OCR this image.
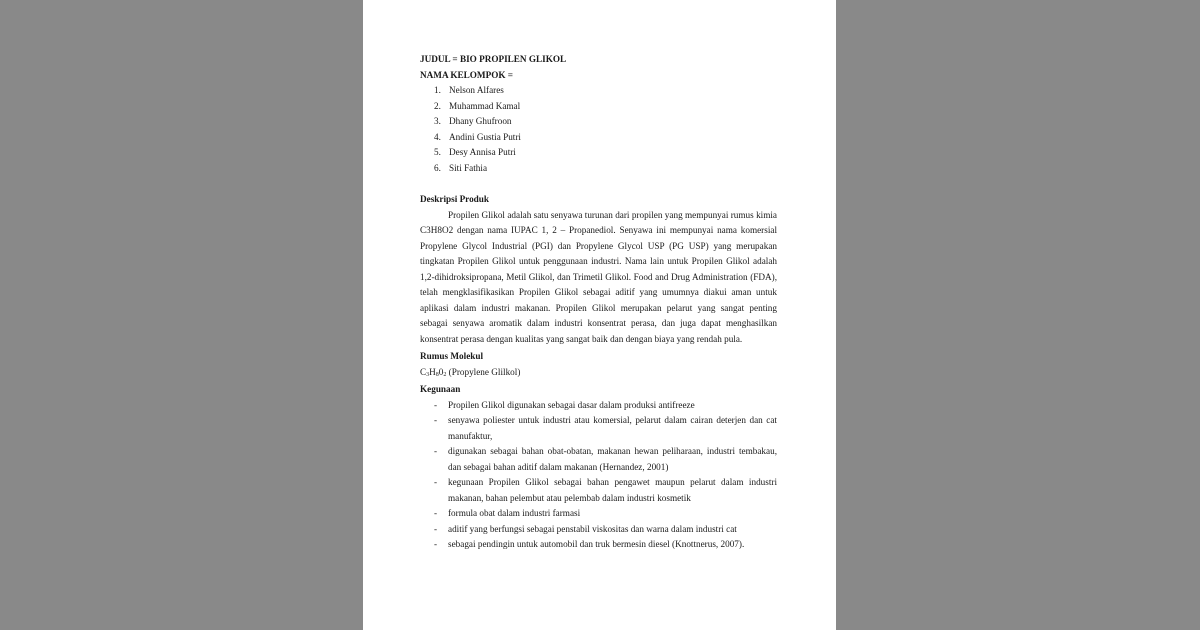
JUDUL = BIO PROPILEN GLIKOL
NAMA KELOMPOK =
1. Nelson Alfares
2. Muhammad Kamal
3. Dhany Ghufroon
4. Andini Gustia Putri
5. Desy Annisa Putri
6. Siti Fathia
Deskripsi Produk

Propilen Glikol adalah satu senyawa turunan dari propilen yang mempunyai rumus kimia C3H8O2 dengan nama IUPAC 1, 2 – Propanediol. Senyawa ini mempunyai nama komersial Propylene Glycol Industrial (PGI) dan Propylene Glycol USP (PG USP) yang merupakan tingkatan Propilen Glikol untuk penggunaan industri. Nama lain untuk Propilen Glikol adalah 1,2-dihidroksipropana, Metil Glikol, dan Trimetil Glikol. Food and Drug Administration (FDA), telah mengklasifikasikan Propilen Glikol sebagai aditif yang umumnya diakui aman untuk aplikasi dalam industri makanan. Propilen Glikol merupakan pelarut yang sangat penting sebagai senyawa aromatik dalam industri konsentrat perasa, dan juga dapat menghasilkan konsentrat perasa dengan kualitas yang sangat baik dan dengan biaya yang rendah pula.

Rumus Molekul
$C_3H_80_2$ (Propylene Glilkol)
Kegunaan
-	Propilen Glikol digunakan sebagai dasar dalam produksi antifreeze
-	senyawa poliester untuk industri atau komersial, pelarut dalam cairan deterjen dan cat manufaktur,
-	digunakan sebagai bahan obat-obatan, makanan hewan peliharaan, industri tembakau, dan sebagai bahan aditif dalam makanan (Hernandez, 2001)
-	kegunaan Propilen Glikol sebagai bahan pengawet maupun pelarut dalam industri makanan, bahan pelembut atau pelembab dalam industri kosmetik
-	formula obat dalam industri farmasi
-	aditif yang berfungsi sebagai penstabil viskositas dan warna dalam industri cat
-	sebagai pendingin untuk automobil dan truk bermesin diesel (Knottnerus, 2007).
